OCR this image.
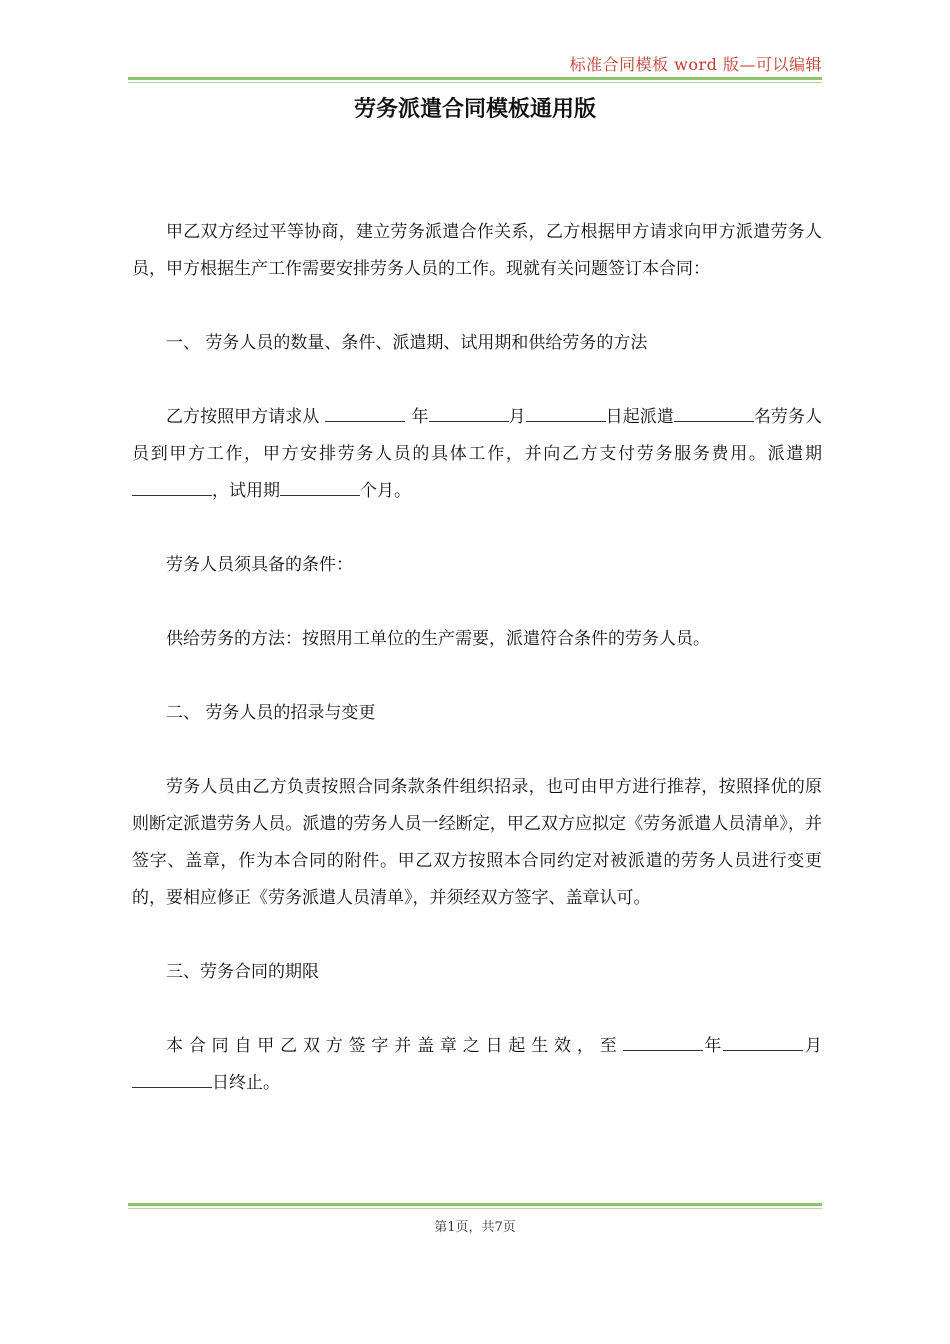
标准合同模板 word 版—可以编辑
劳务派遣合同模板通用版

甲乙双方经过平等协商，建立劳务派遣合作关系，乙方根据甲方请求向甲方派遣劳务人员，甲方根据生产工作需要安排劳务人员的工作。现就有关问题签订本合同：

一、 劳务人员的数量、条件、派遣期、试用期和供给劳务的方法

乙方按照甲方请求从	年	月	日起派遣	名劳务人员到甲方工作，甲方安排劳务人员的具体工作，并向乙方支付劳务服务费用。派遣期，试用期	个月。

劳务人员须具备的条件：

供给劳务的方法：按照用工单位的生产需要，派遣符合条件的劳务人员。

二、 劳务人员的招录与变更

劳务人员由乙方负责按照合同条款条件组织招录，也可由甲方进行推荐，按照择优的原则断定派遣劳务人员。派遣的劳务人员一经断定，甲乙双方应拟定《劳务派遣人员清单》，并签字、盖章，作为本合同的附件。甲乙双方按照本合同约定对被派遣的劳务人员进行变更的，要相应修正《劳务派遣人员清单》，并须经双方签字、盖章认可。

三、劳务合同的期限

本合同自甲乙双方签字并盖章之日起生效，至	年	月日终止。

第1页，共7页
